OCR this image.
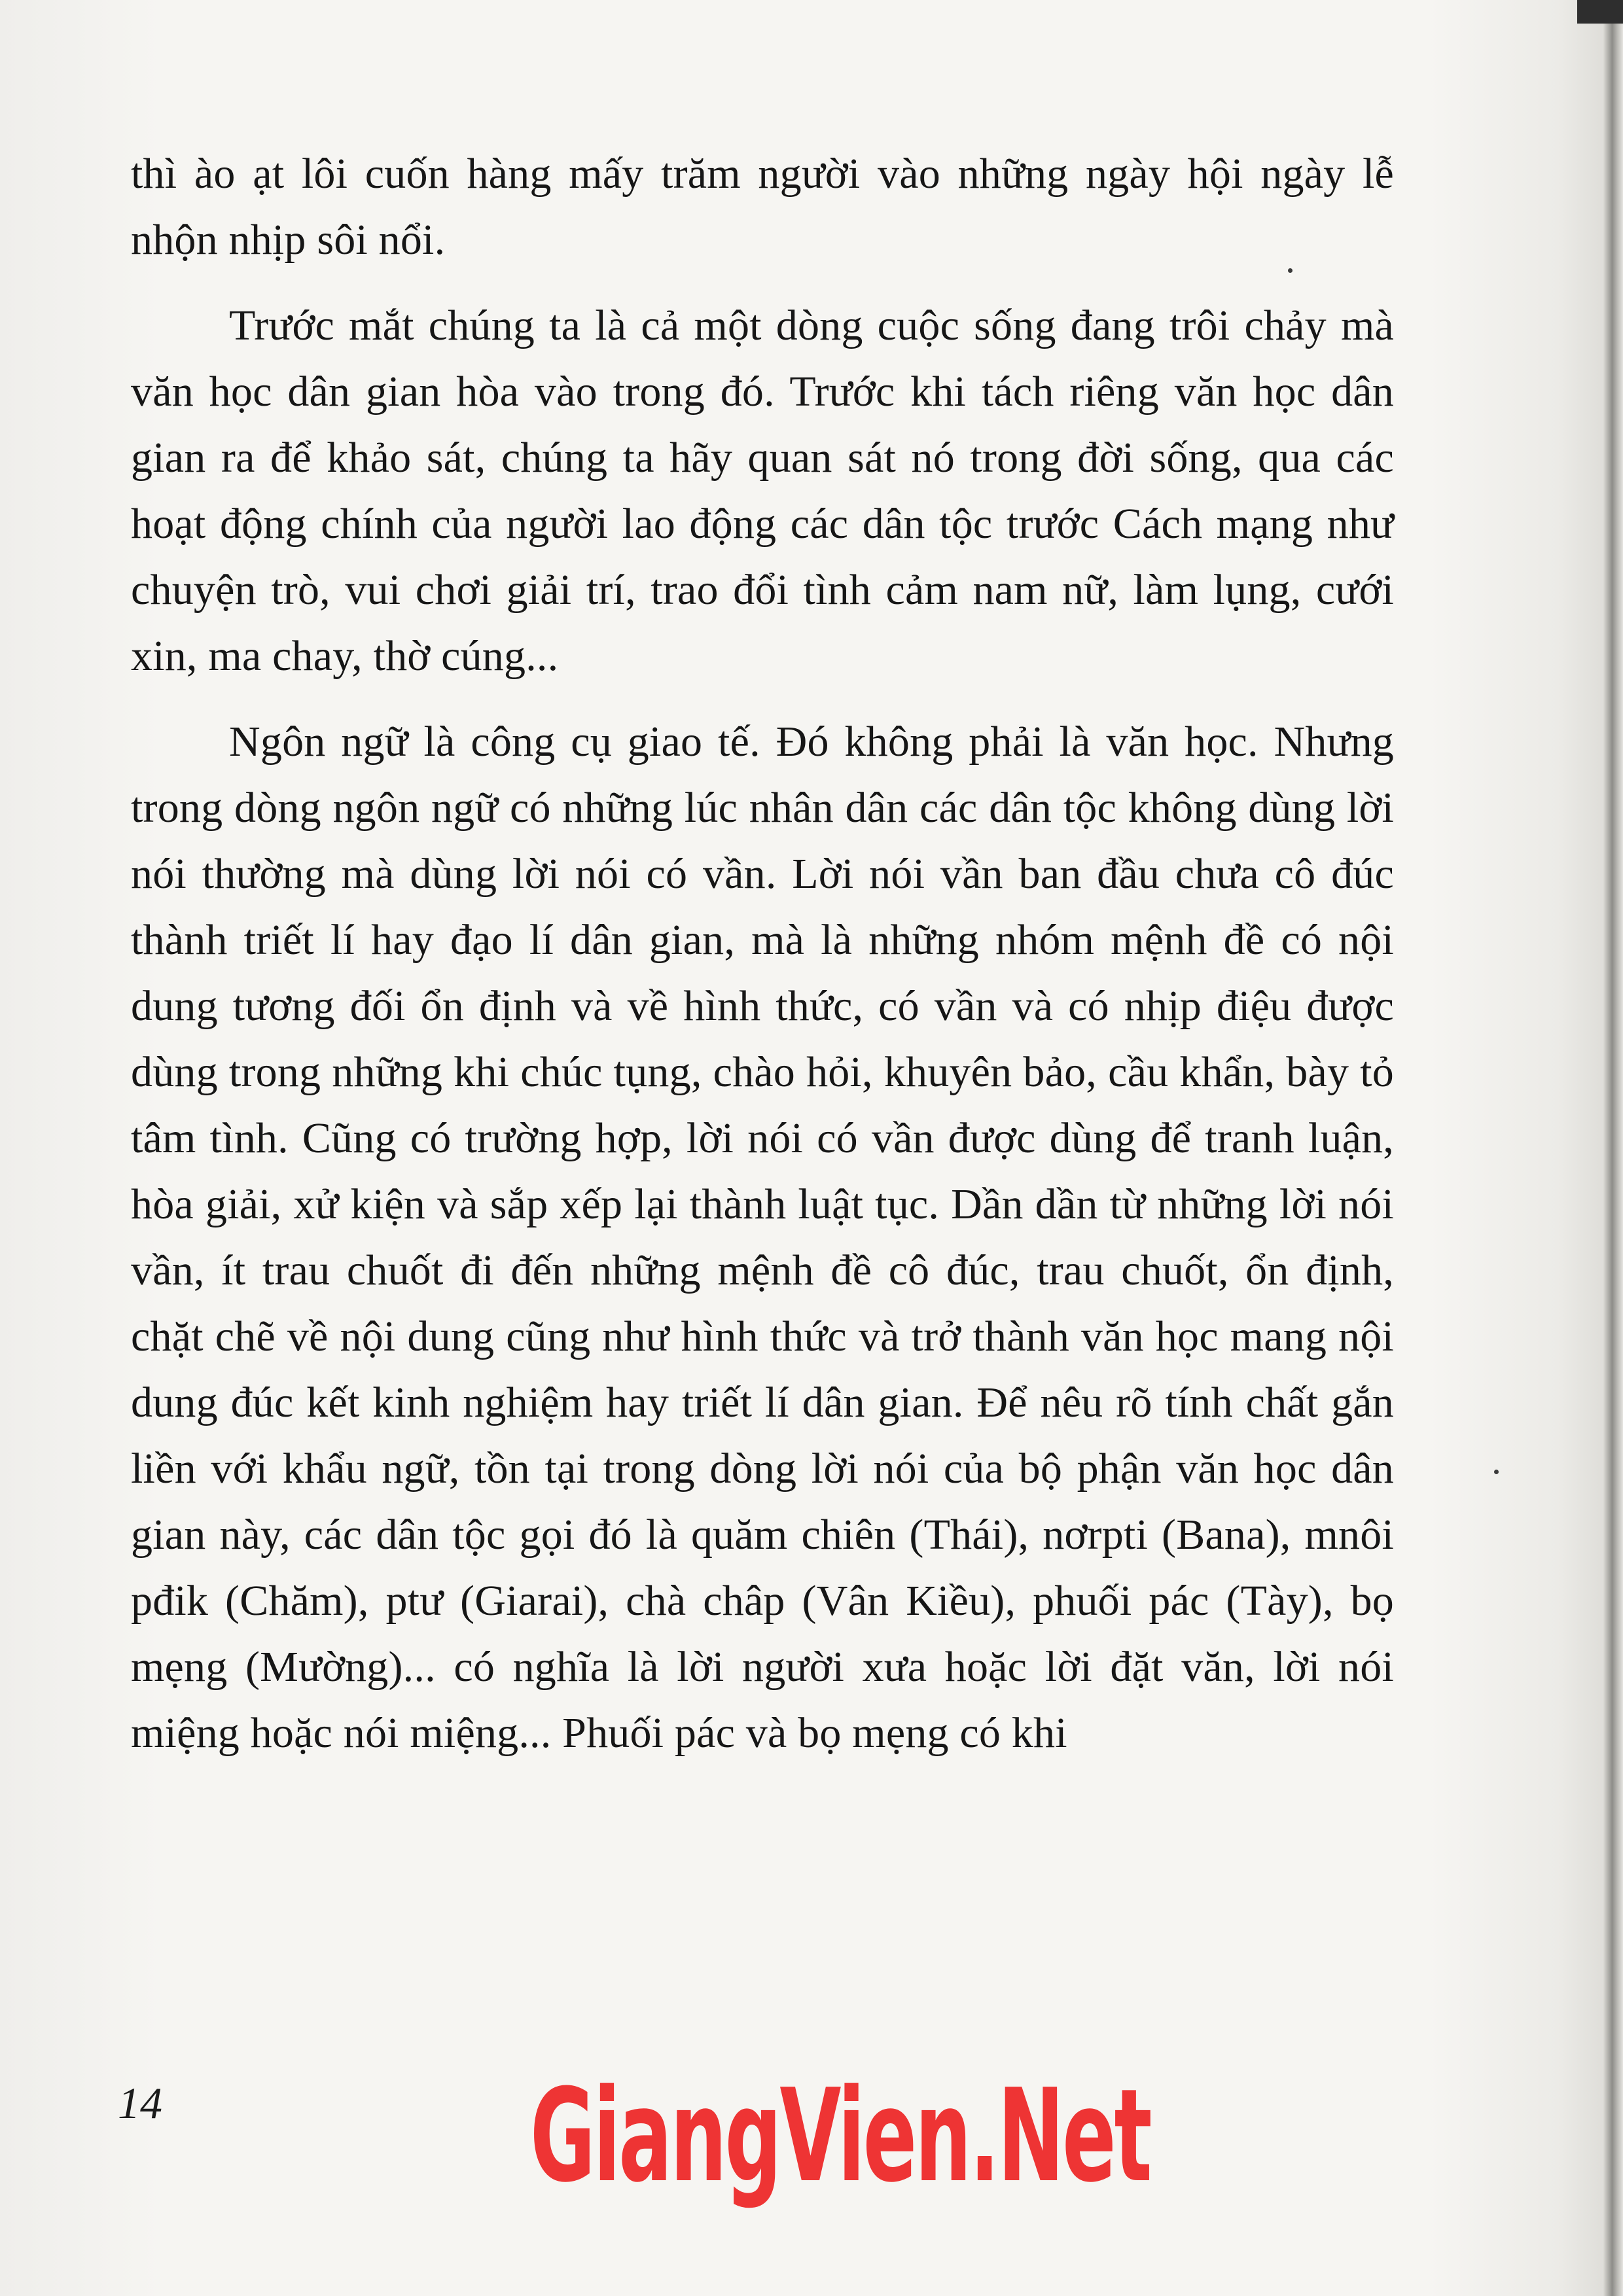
thì ào ạt lôi cuốn hàng mấy trăm người vào những ngày hội ngày lễ nhộn nhịp sôi nổi.

Trước mắt chúng ta là cả một dòng cuộc sống đang trôi chảy mà văn học dân gian hòa vào trong đó. Trước khi tách riêng văn học dân gian ra để khảo sát, chúng ta hãy quan sát nó trong đời sống, qua các hoạt động chính của người lao động các dân tộc trước Cách mạng như chuyện trò, vui chơi giải trí, trao đổi tình cảm nam nữ, làm lụng, cưới xin, ma chay, thờ cúng...

Ngôn ngữ là công cụ giao tế. Đó không phải là văn học. Nhưng trong dòng ngôn ngữ có những lúc nhân dân các dân tộc không dùng lời nói thường mà dùng lời nói có vần. Lời nói vần ban đầu chưa cô đúc thành triết lí hay đạo lí dân gian, mà là những nhóm mệnh đề có nội dung tương đối ổn định và về hình thức, có vần và có nhịp điệu được dùng trong những khi chúc tụng, chào hỏi, khuyên bảo, cầu khẩn, bày tỏ tâm tình. Cũng có trường hợp, lời nói có vần được dùng để tranh luận, hòa giải, xử kiện và sắp xếp lại thành luật tục. Dần dần từ những lời nói vần, ít trau chuốt đi đến những mệnh đề cô đúc, trau chuốt, ổn định, chặt chẽ về nội dung cũng như hình thức và trở thành văn học mang nội dung đúc kết kinh nghiệm hay triết lí dân gian. Để nêu rõ tính chất gắn liền với khẩu ngữ, tồn tại trong dòng lời nói của bộ phận văn học dân gian này, các dân tộc gọi đó là quăm chiên (Thái), nơrpti (Bana), mnôi pđik (Chăm), ptư (Giarai), chà châp (Vân Kiều), phuối pác (Tày), bọ mẹng (Mường)... có nghĩa là lời người xưa hoặc lời đặt văn, lời nói miệng hoặc nói miệng... Phuối pác và bọ mẹng có khi

14	GiangVien.Net
